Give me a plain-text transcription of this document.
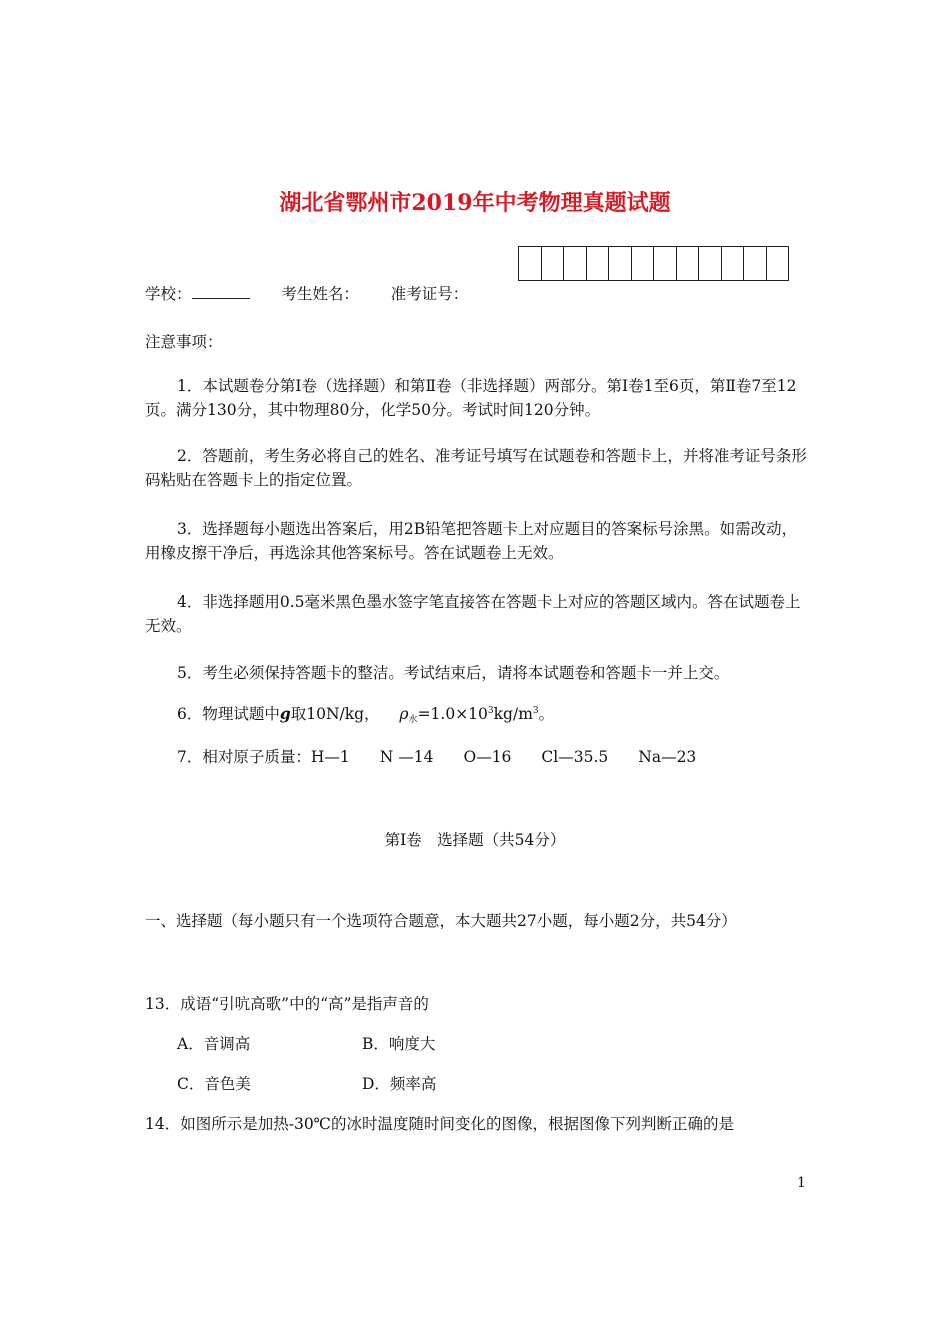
湖北省鄂州市2019年中考物理真题试题
学校：	考生姓名： 准考证号：
注意事项：
1．本试题卷分第Ⅰ卷（选择题）和第Ⅱ卷（非选择题）两部分。第Ⅰ卷1至6页，第Ⅱ卷7至12页。满分130分，其中物理80分，化学50分。考试时间120分钟。
2．答题前，考生务必将自己的姓名、准考证号填写在试题卷和答题卡上，并将准考证号条形码粘贴在答题卡上的指定位置。
3．选择题每小题选出答案后，用2B铅笔把答题卡上对应题目的答案标号涂黑。如需改动，用橡皮擦干净后，再选涂其他答案标号。答在试题卷上无效。
4．非选择题用0.5毫米黑色墨水签字笔直接答在答题卡上对应的答题区域内。答在试题卷上无效。
5．考生必须保持答题卡的整洁。考试结束后，请将本试题卷和答题卡一并上交。
6．物理试题中g取10N/kg， $\rho_水=1.0\times 10^3kg/m^3$。
7．相对原子质量：H—1 N —14 O—16 Cl—35.5 Na—23
第Ⅰ卷　选择题（共54分）
一、选择题（每小题只有一个选项符合题意，本大题共27小题，每小题2分，共54分）
13．成语“引吭高歌”中的“高”是指声音的
A．音调高	B．响度大
C．音色美	D．频率高
14．如图所示是加热-30℃的冰时温度随时间变化的图像，根据图像下列判断正确的是
1
